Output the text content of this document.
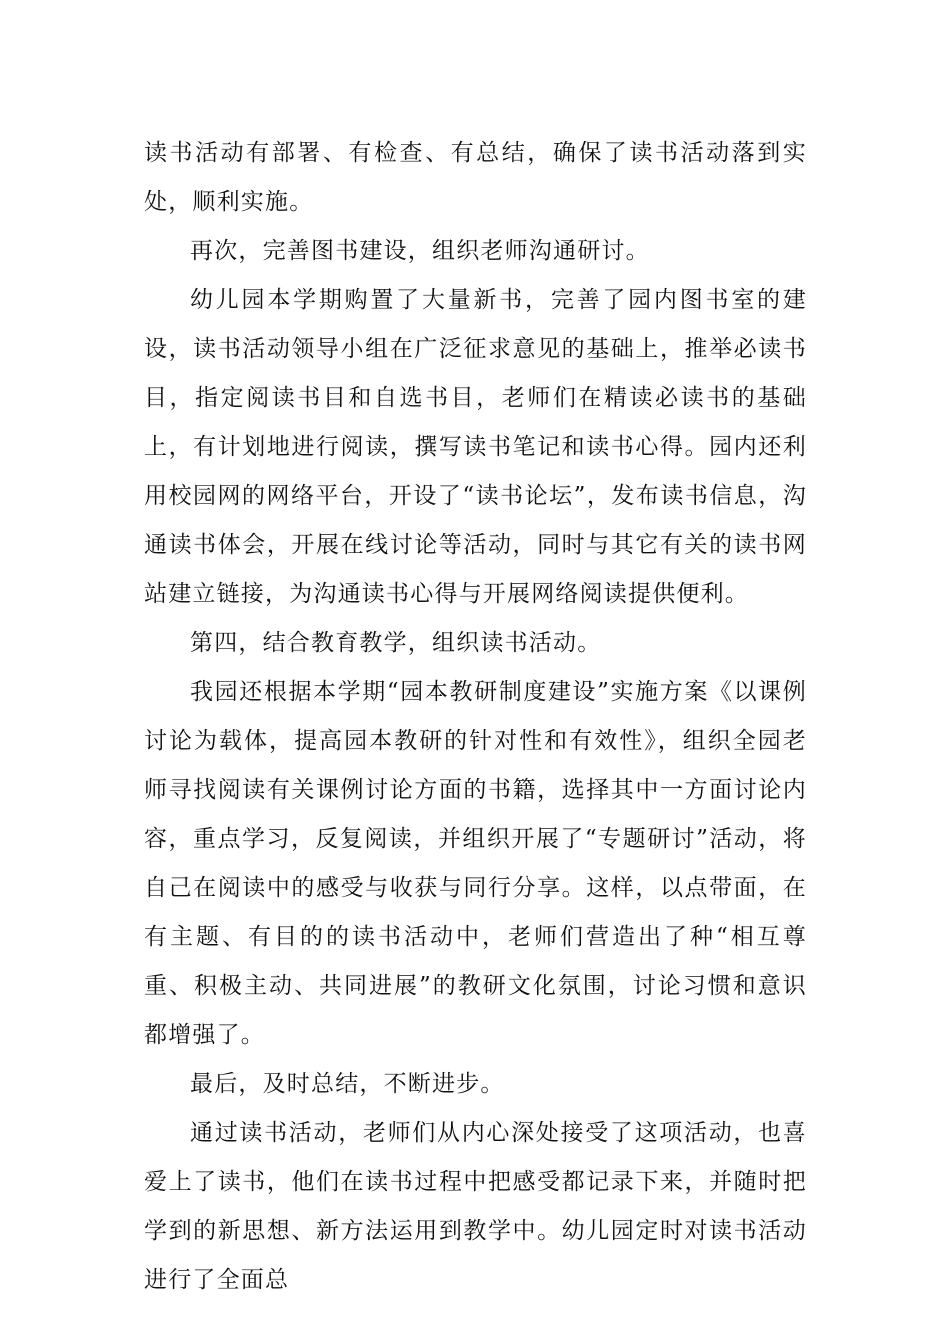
读书活动有部署、有检查、有总结，确保了读书活动落到实处，顺利实施。

再次，完善图书建设，组织老师沟通研讨。

幼儿园本学期购置了大量新书，完善了园内图书室的建设，读书活动领导小组在广泛征求意见的基础上，推举必读书目，指定阅读书目和自选书目，老师们在精读必读书的基础上，有计划地进行阅读，撰写读书笔记和读书心得。园内还利用校园网的网络平台，开设了“读书论坛”，发布读书信息，沟通读书体会，开展在线讨论等活动，同时与其它有关的读书网站建立链接，为沟通读书心得与开展网络阅读提供便利。

第四，结合教育教学，组织读书活动。

我园还根据本学期“园本教研制度建设”实施方案《以课例讨论为载体，提高园本教研的针对性和有效性》，组织全园老师寻找阅读有关课例讨论方面的书籍，选择其中一方面讨论内容，重点学习，反复阅读，并组织开展了“专题研讨”活动，将自己在阅读中的感受与收获与同行分享。这样，以点带面，在有主题、有目的的读书活动中，老师们营造出了种“相互尊重、积极主动、共同进展”的教研文化氛围，讨论习惯和意识都增强了。

最后，及时总结，不断进步。

通过读书活动，老师们从内心深处接受了这项活动，也喜爱上了读书，他们在读书过程中把感受都记录下来，并随时把学到的新思想、新方法运用到教学中。幼儿园定时对读书活动进行了全面总
